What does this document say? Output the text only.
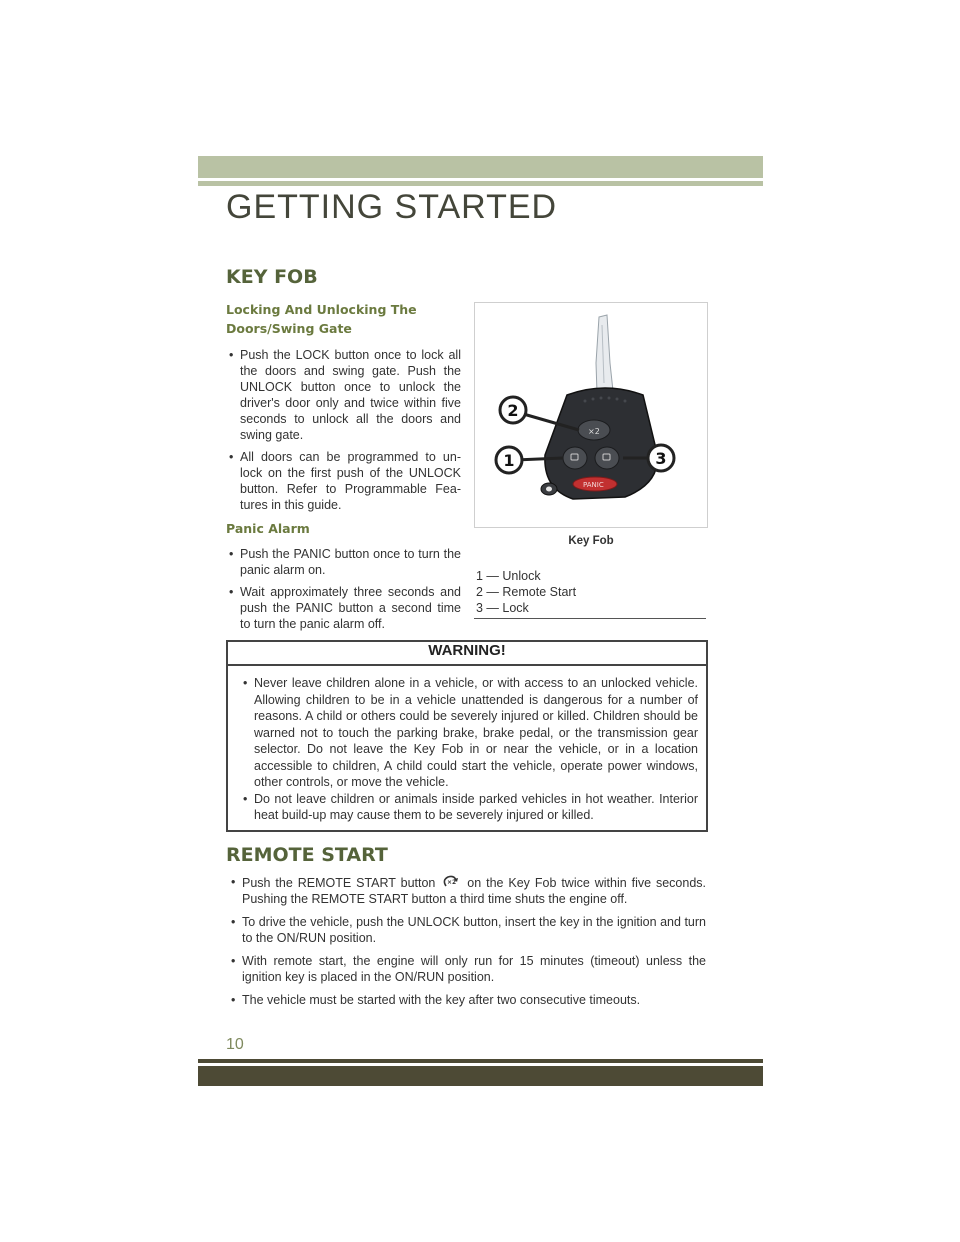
GETTING STARTED
KEY FOB
Locking And Unlocking The
Doors/Swing Gate
• Push the LOCK button once to lock all the doors and swing gate. Push the UNLOCK button once to unlock the driver's door only and twice within five seconds to unlock all the doors and swing gate.
• All doors can be programmed to un-lock on the first push of the UNLOCK button. Refer to Programmable Fea-tures in this guide.
Panic Alarm
• Push the PANIC button once to turn the panic alarm on.
• Wait approximately three seconds and push the PANIC button a second time to turn the panic alarm off.
×2
PANIC
2
1	3
Key Fob
1 — Unlock
2 — Remote Start
3 — Lock
WARNING!
• Never leave children alone in a vehicle, or with access to an unlocked vehicle. Allowing children to be in a vehicle unattended is dangerous for a number of reasons. A child or others could be severely injured or killed. Children should be warned not to touch the parking brake, brake pedal, or the transmission gear selector. Do not leave the Key Fob in or near the vehicle, or in a location accessible to children, A child could start the vehicle, operate power windows, other controls, or move the vehicle.
• Do not leave children or animals inside parked vehicles in hot weather. Interior heat build-up may cause them to be severely injured or killed.
REMOTE START
• Push the REMOTE START button ×2 on the Key Fob twice within five seconds. Pushing the REMOTE START button a third time shuts the engine off.
• To drive the vehicle, push the UNLOCK button, insert the key in the ignition and turn to the ON/RUN position.
• With remote start, the engine will only run for 15 minutes (timeout) unless the ignition key is placed in the ON/RUN position.
• The vehicle must be started with the key after two consecutive timeouts.
10
